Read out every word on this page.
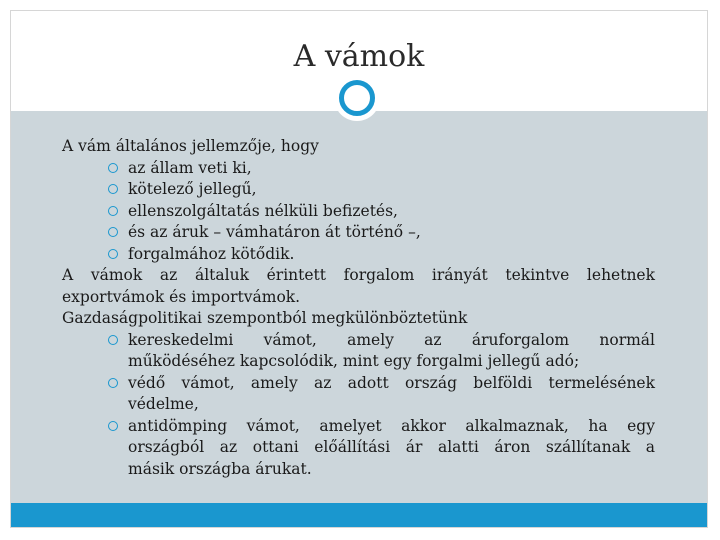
A vámok

A vám általános jellemzője, hogy

az állam veti ki,

kötelező jellegű,

ellenszolgáltatás nélküli befizetés,

és az áruk – vámhatáron át történő –,

forgalmához kötődik.

A vámok az általuk érintett forgalom irányát tekintve lehetnek

exportvámok és importvámok.

Gazdaságpolitikai szempontból megkülönböztetünk

kereskedelmi vámot, amely az áruforgalom normál

működéséhez kapcsolódik, mint egy forgalmi jellegű adó;

védő vámot, amely az adott ország belföldi termelésének

védelme,

antidömping vámot, amelyet akkor alkalmaznak, ha egy

országból az ottani előállítási ár alatti áron szállítanak a

másik országba árukat.
